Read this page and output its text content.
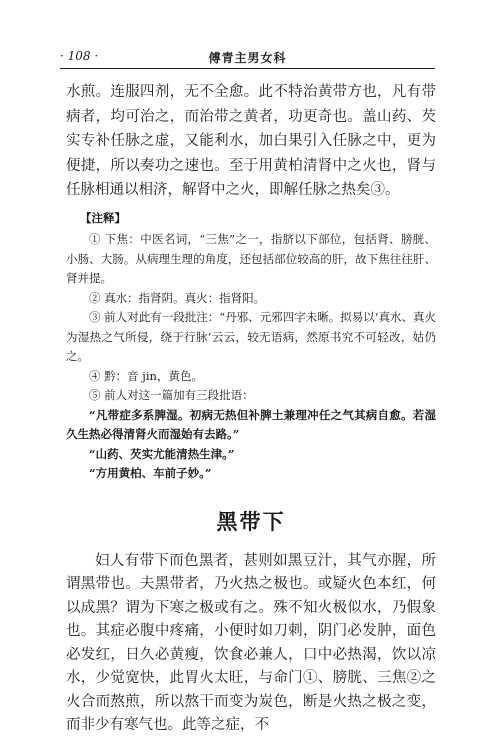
· 108 ·	傅青主男女科

水煎。连服四剂，无不全愈。此不特治黄带方也，凡有带病者，均可治之，而治带之黄者，功更奇也。盖山药、芡实专补任脉之虚，又能利水，加白果引入任脉之中，更为便捷，所以奏功之速也。至于用黄柏清肾中之火也，肾与任脉相通以相济，解肾中之火，即解任脉之热矣③。

【注释】

① 下焦：中医名词，“三焦”之一，指脐以下部位，包括肾、膀胱、小肠、大肠。从病理生理的角度，还包括部位较高的肝，故下焦往往肝、肾并提。

② 真水：指肾阴。真火：指肾阳。

③ 前人对此有一段批注：“丹邪、元邪四字未晰。拟易以‘真水、真火为湿热之气所侵，绕于行脉’云云，较无语病，然原书究不可轻改，姑仍之。

④ 黔：音 jin，黄色。

⑤ 前人对这一篇加有三段批语：

“凡带症多系脾湿。初病无热但补脾土兼理冲任之气其病自愈。若湿久生热必得清肾火而湿始有去路。”

“山药、芡实尤能清热生津。”

“方用黄柏、车前子妙。”

黑带下

妇人有带下而色黑者，甚则如黑豆汁，其气亦腥，所谓黑带也。夫黑带者，乃火热之极也。或疑火色本红，何以成黑？谓为下寒之极或有之。殊不知火极似水，乃假象也。其症必腹中疼痛，小便时如刀刺，阴门必发肿，面色必发红，日久必黄瘦，饮食必兼人，口中必热渴，饮以凉水，少觉宽快，此胃火太旺，与命门①、膀胱、三焦②之火合而熬煎，所以熬干而变为炭色，断是火热之极之变，而非少有寒气也。此等之症，不
